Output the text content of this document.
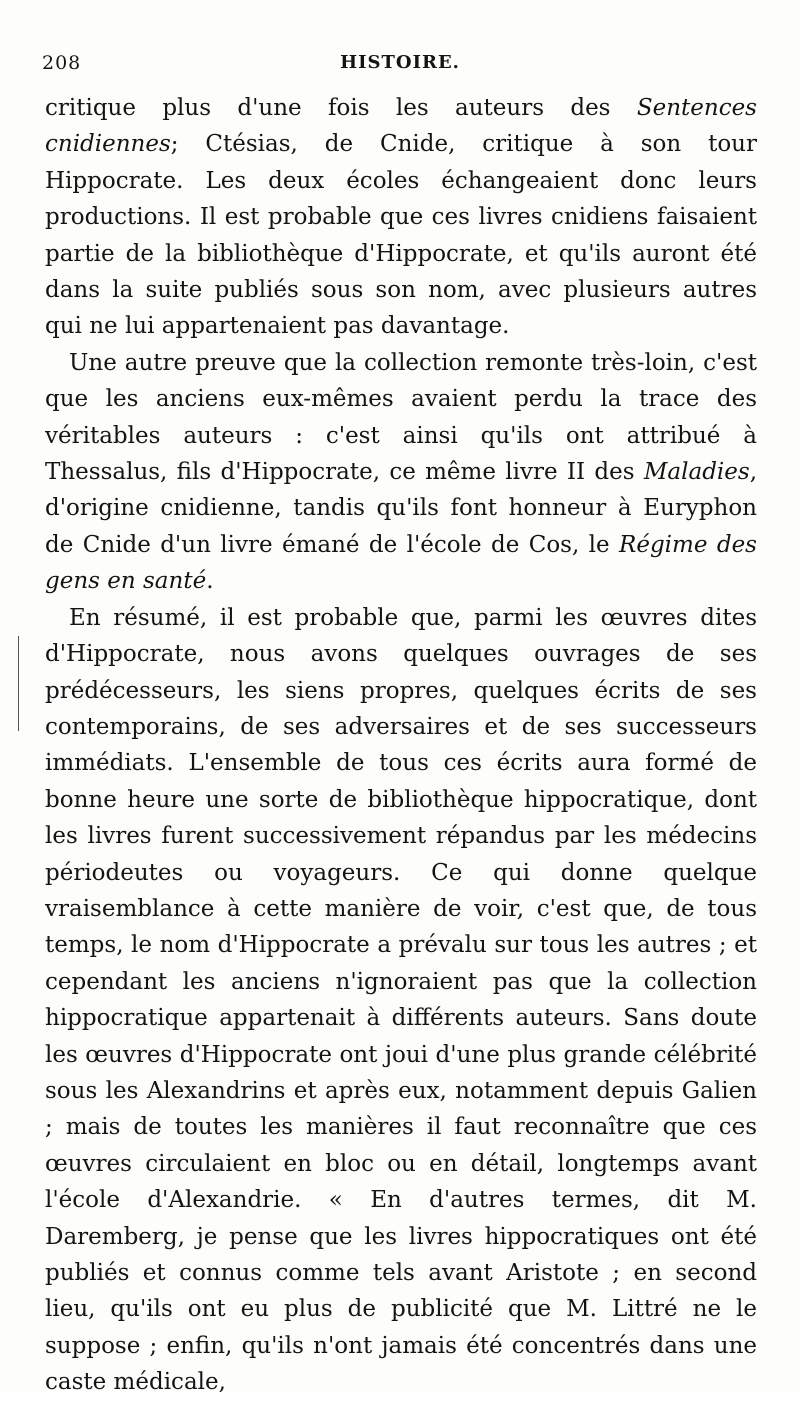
208	HISTOIRE.

critique plus d'une fois les auteurs des Sentences cnidiennes; Ctésias, de Cnide, critique à son tour Hippocrate. Les deux écoles échangeaient donc leurs productions. Il est probable que ces livres cnidiens faisaient partie de la bibliothèque d'Hippocrate, et qu'ils auront été dans la suite publiés sous son nom, avec plusieurs autres qui ne lui appartenaient pas davantage.

Une autre preuve que la collection remonte très-loin, c'est que les anciens eux-mêmes avaient perdu la trace des véritables auteurs : c'est ainsi qu'ils ont attribué à Thessalus, fils d'Hippocrate, ce même livre II des Maladies, d'origine cnidienne, tandis qu'ils font honneur à Euryphon de Cnide d'un livre émané de l'école de Cos, le Régime des gens en santé.

En résumé, il est probable que, parmi les œuvres dites d'Hippocrate, nous avons quelques ouvrages de ses prédécesseurs, les siens propres, quelques écrits de ses contemporains, de ses adversaires et de ses successeurs immédiats. L'ensemble de tous ces écrits aura formé de bonne heure une sorte de bibliothèque hippocratique, dont les livres furent successivement répandus par les médecins périodeutes ou voyageurs. Ce qui donne quelque vraisemblance à cette manière de voir, c'est que, de tous temps, le nom d'Hippocrate a prévalu sur tous les autres ; et cependant les anciens n'ignoraient pas que la collection hippocratique appartenait à différents auteurs. Sans doute les œuvres d'Hippocrate ont joui d'une plus grande célébrité sous les Alexandrins et après eux, notamment depuis Galien ; mais de toutes les manières il faut reconnaître que ces œuvres circulaient en bloc ou en détail, longtemps avant l'école d'Alexandrie. « En d'autres termes, dit M. Daremberg, je pense que les livres hippocratiques ont été publiés et connus comme tels avant Aristote ; en second lieu, qu'ils ont eu plus de publicité que M. Littré ne le suppose ; enfin, qu'ils n'ont jamais été concentrés dans une caste médicale,
